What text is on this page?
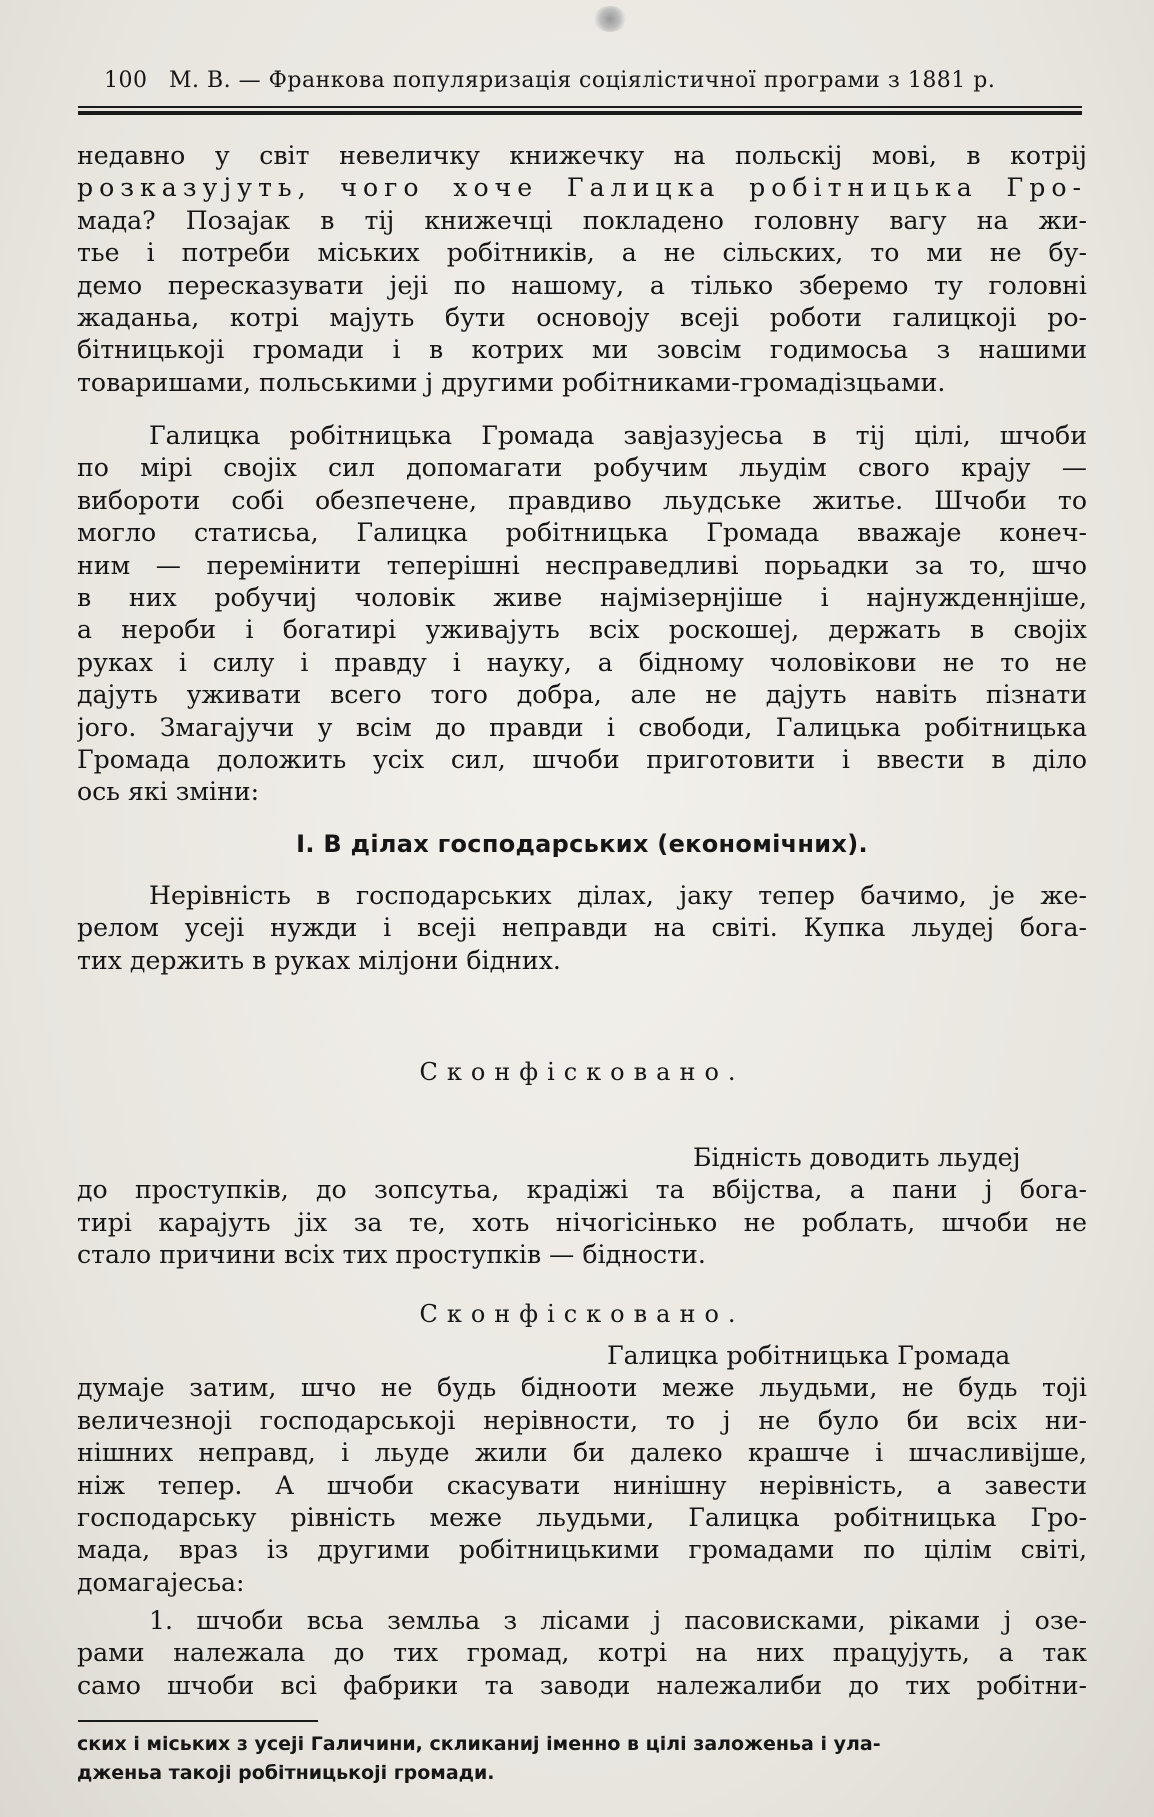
100 М. В. — Франкова популяризація соціялістичної програми з 1881 р.

недавно у світ невеличку книжечку на польскіј мові, в котріј
розказујуть, чого хоче Галицка робітницька Гро-
мада? Позајак в тіј книжечці покладено головну вагу на жи-
тье і потреби міських робітників, а не сільских, то ми не бу-
демо пересказувати јеji по нашому, а тілько зберемо ту головні
жаданьа, котрі мајуть бути основоју всеji роботи галицкоji ро-
бітницькоji громади і в котрих ми зовсім годимосьа з нашими
товаришами, польськими ј другими робітниками-громадізцьами.

Галицка робітницька Громада завјазујесьа в тіј цілі, шчоби
по мірі своjіх сил допомагати робучим льудім свого краjу —
вибороти собі обезпечене, правдиво льудське житье. Шчоби то
могло статисьа, Галицка робітницька Громада вважаје конеч-
ним — перемінити теперішні несправедливі порьадки за то, шчо
в них робучиј чоловік живе најмізернјіше і најнужденнјіше,
а нероби і богатирі уживајуть всіх роскошеј, держать в своjіх
руках і силу і правду і науку, а бідному чоловікови не то не
дајуть уживати всего того добра, але не дајуть навіть пізнати
јого. Змагајучи у всім до правди і свободи, Галицька робітницька
Громада доложить усіх сил, шчоби приготовити і ввести в діло
ось які зміни:

І. В ділах господарських (економічних).

Нерівність в господарських ділах, јаку тепер бачимо, је же-
релом усеji нужди і всеji неправди на світі. Купка льудеј бога-
тих держить в руках мілјони бідних.

Сконфісковано.

Бідність доводить льудеј
до проступків, до зопсутьа, крадіжі та вбіјства, а пани ј бога-
тирі карајуть jіх за те, хоть нічогісінько не роблать, шчоби не
стало причини всіх тих проступків — бідности.

Сконфісковано.

Галицка робітницька Громада
думаје затим, шчо не будь бідноoти меже льудьми, не будь тоjі
величезноjі господарськоjі нерівности, то ј не було би всіх ни-
нішних неправд, і льуде жили би далеко крашче і шчасливіјше,
ніж тепер. А шчоби скасувати нинішну нерівність, а завести
господарську рівність меже льудьми, Галицка робітницька Гро-
мада, враз із другими робітницькими громадами по цілім світі,
домагајесьа:

1. шчоби всьа земльа з лісами ј пасовисками, ріками ј озе-
рами належала до тих громад, котрі на них працујуть, а так
само шчоби всі фабрики та заводи належалиби до тих робітни-

ских і міських з усеji Галичини, скликаниј іменно в цілі заложеньа і ула-
дженьа такоjі робітницькоjі громади.
